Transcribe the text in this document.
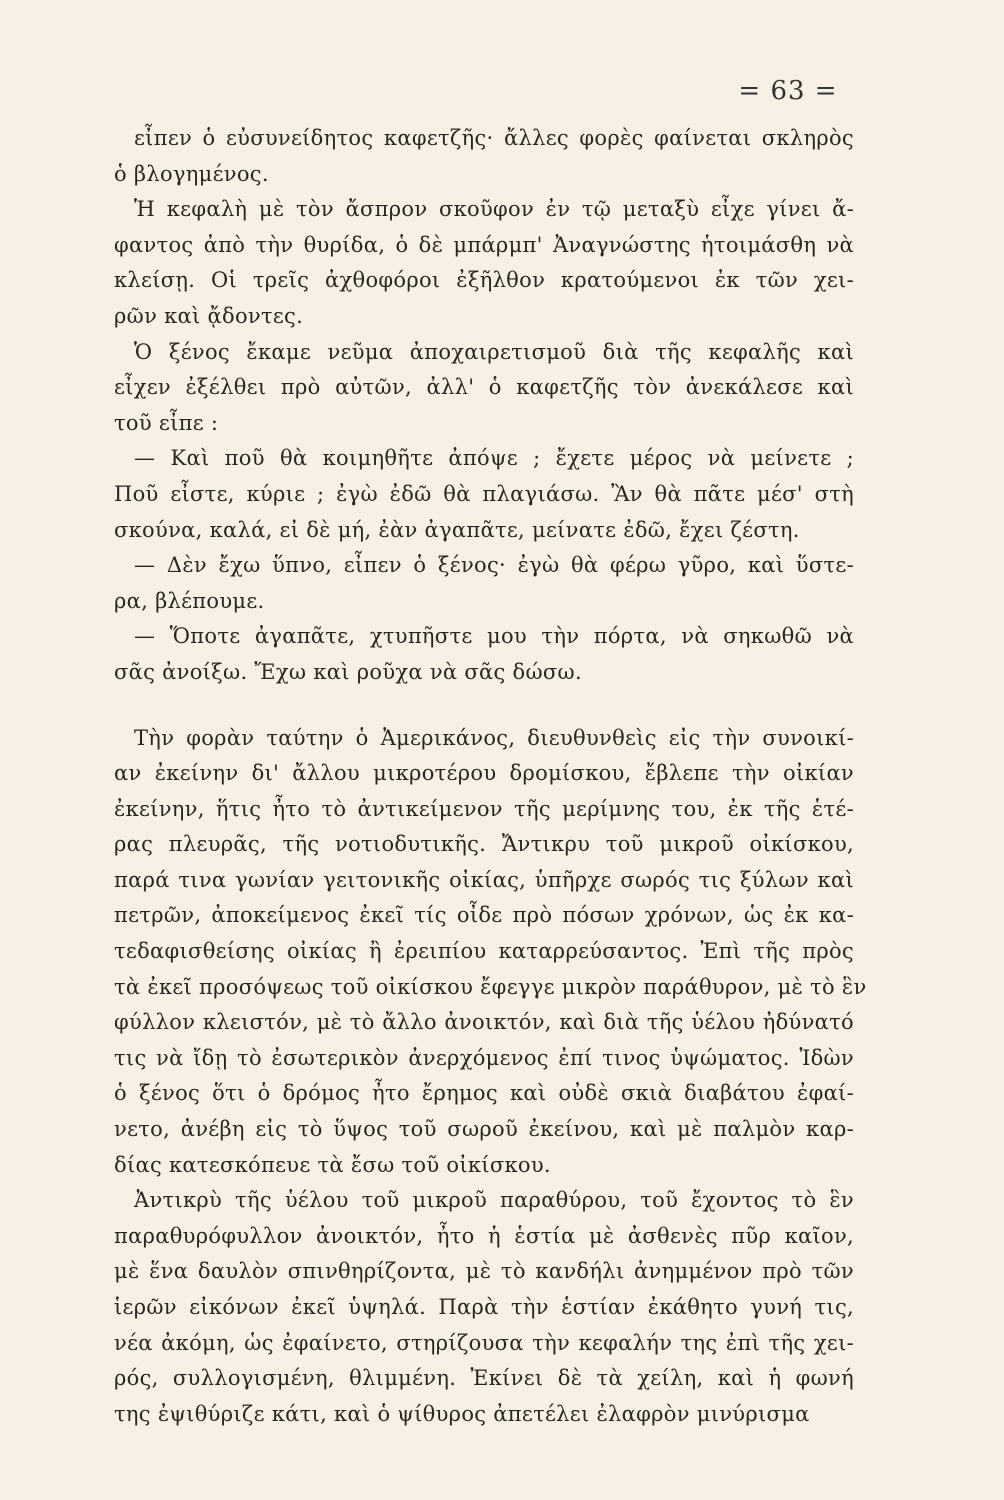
= 63 =
εἶπεν ὁ εὐσυνείδητος καφετζῆς· ἄλλες φορὲς φαίνεται σκληρὸς
ὁ βλογημένος.
Ἡ κεφαλὴ μὲ τὸν ἄσπρον σκοῦφον ἐν τῷ μεταξὺ εἶχε γίνει ἄ-
φαντος ἀπὸ τὴν θυρίδα, ὁ δὲ μπάρμπ' Ἀναγνώστης ἡτοιμάσθη νὰ
κλείσῃ. Οἱ τρεῖς ἀχθοφόροι ἐξῆλθον κρατούμενοι ἐκ τῶν χει-
ρῶν καὶ ᾄδοντες.
Ὁ ξένος ἔκαμε νεῦμα ἀποχαιρετισμοῦ διὰ τῆς κεφαλῆς καὶ
εἶχεν ἐξέλθει πρὸ αὐτῶν, ἀλλ' ὁ καφετζῆς τὸν ἀνεκάλεσε καὶ
τοῦ εἶπε :
— Καὶ ποῦ θὰ κοιμηθῆτε ἀπόψε ; ἔχετε μέρος νὰ μείνετε ;
Ποῦ εἶστε, κύριε ; ἐγὼ ἐδῶ θὰ πλαγιάσω. Ἂν θὰ πᾶτε μέσ' στὴ
σκούνα, καλά, εἰ δὲ μή, ἐὰν ἀγαπᾶτε, μείνατε ἐδῶ, ἔχει ζέστη.
— Δὲν ἔχω ὕπνο, εἶπεν ὁ ξένος· ἐγὼ θὰ φέρω γῦρο, καὶ ὕστε-
ρα, βλέπουμε.
— Ὅποτε ἀγαπᾶτε, χτυπῆστε μου τὴν πόρτα, νὰ σηκωθῶ νὰ
σᾶς ἀνοίξω. Ἔχω καὶ ροῦχα νὰ σᾶς δώσω.
Τὴν φορὰν ταύτην ὁ Ἀμερικάνος, διευθυνθεὶς εἰς τὴν συνοικί-
αν ἐκείνην δι' ἄλλου μικροτέρου δρομίσκου, ἔβλεπε τὴν οἰκίαν
ἐκείνην, ἥτις ἦτο τὸ ἀντικείμενον τῆς μερίμνης του, ἐκ τῆς ἑτέ-
ρας πλευρᾶς, τῆς νοτιοδυτικῆς. Ἄντικρυ τοῦ μικροῦ οἰκίσκου,
παρά τινα γωνίαν γειτονικῆς οἰκίας, ὑπῆρχε σωρός τις ξύλων καὶ
πετρῶν, ἀποκείμενος ἐκεῖ τίς οἶδε πρὸ πόσων χρόνων, ὡς ἐκ κα-
τεδαφισθείσης οἰκίας ἢ ἐρειπίου καταρρεύσαντος. Ἐπὶ τῆς πρὸς
τὰ ἐκεῖ προσόψεως τοῦ οἰκίσκου ἔφεγγε μικρὸν παράθυρον, μὲ τὸ ἓν
φύλλον κλειστόν, μὲ τὸ ἄλλο ἀνοικτόν, καὶ διὰ τῆς ὑέλου ἠδύνατό
τις νὰ ἴδῃ τὸ ἐσωτερικὸν ἀνερχόμενος ἐπί τινος ὑψώματος. Ἰδὼν
ὁ ξένος ὅτι ὁ δρόμος ἦτο ἔρημος καὶ οὐδὲ σκιὰ διαβάτου ἐφαί-
νετο, ἀνέβη εἰς τὸ ὕψος τοῦ σωροῦ ἐκείνου, καὶ μὲ παλμὸν καρ-
δίας κατεσκόπευε τὰ ἔσω τοῦ οἰκίσκου.
Ἀντικρὺ τῆς ὑέλου τοῦ μικροῦ παραθύρου, τοῦ ἔχοντος τὸ ἓν
παραθυρόφυλλον ἀνοικτόν, ἦτο ἡ ἑστία μὲ ἀσθενὲς πῦρ καῖον,
μὲ ἕνα δαυλὸν σπινθηρίζοντα, μὲ τὸ κανδήλι ἀνημμένον πρὸ τῶν
ἱερῶν εἰκόνων ἐκεῖ ὑψηλά. Παρὰ τὴν ἑστίαν ἐκάθητο γυνή τις,
νέα ἀκόμη, ὡς ἐφαίνετο, στηρίζουσα τὴν κεφαλήν της ἐπὶ τῆς χει-
ρός, συλλογισμένη, θλιμμένη. Ἐκίνει δὲ τὰ χείλη, καὶ ἡ φωνή
της ἐψιθύριζε κάτι, καὶ ὁ ψίθυρος ἀπετέλει ἐλαφρὸν μινύρισμα
